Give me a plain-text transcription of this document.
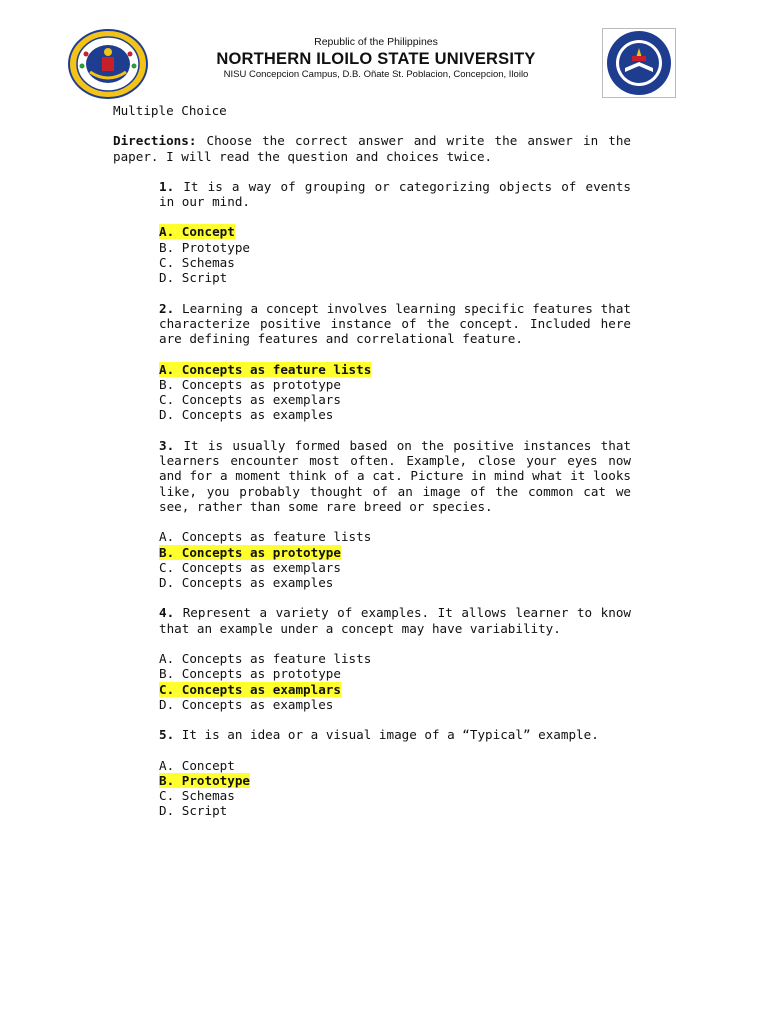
Republic of the Philippines
NORTHERN ILOILO STATE UNIVERSITY
NISU Concepcion Campus, D.B. Oñate St. Poblacion, Concepcion, Iloilo
Multiple Choice
Directions: Choose the correct answer and write the answer in the paper. I will read the question and choices twice.
1. It is a way of grouping or categorizing objects of events in our mind.
A. Concept
B. Prototype
C. Schemas
D. Script
2. Learning a concept involves learning specific features that characterize positive instance of the concept. Included here are defining features and correlational feature.
A. Concepts as feature lists
B. Concepts as prototype
C. Concepts as exemplars
D. Concepts as examples
3. It is usually formed based on the positive instances that learners encounter most often. Example, close your eyes now and for a moment think of a cat. Picture in mind what it looks like, you probably thought of an image of the common cat we see, rather than some rare breed or species.
A. Concepts as feature lists
B. Concepts as prototype
C. Concepts as exemplars
D. Concepts as examples
4. Represent a variety of examples. It allows learner to know that an example under a concept may have variability.
A. Concepts as feature lists
B. Concepts as prototype
C. Concepts as examplars
D. Concepts as examples
5. It is an idea or a visual image of a “Typical” example.
A. Concept
B. Prototype
C. Schemas
D. Script
